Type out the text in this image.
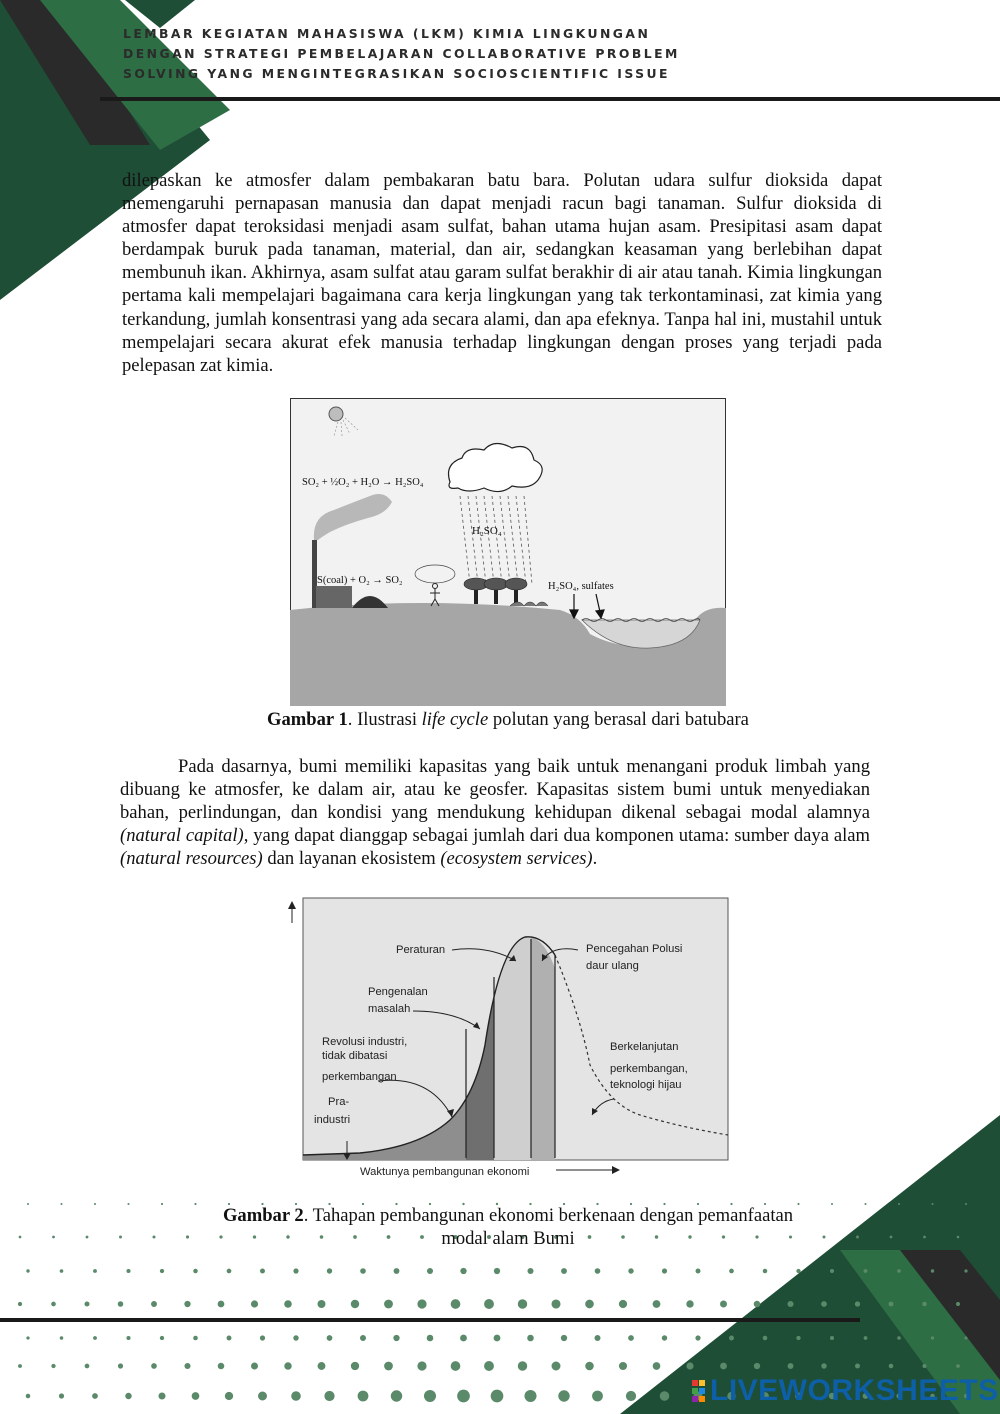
LEMBAR KEGIATAN MAHASISWA (LKM) KIMIA LINGKUNGAN
DENGAN STRATEGI PEMBELAJARAN COLLABORATIVE PROBLEM
SOLVING YANG MENGINTEGRASIKAN SOCIOSCIENTIFIC ISSUE

dilepaskan ke atmosfer dalam pembakaran batu bara. Polutan udara sulfur dioksida dapat memengaruhi pernapasan manusia dan dapat menjadi racun bagi tanaman. Sulfur dioksida di atmosfer dapat teroksidasi menjadi asam sulfat, bahan utama hujan asam. Presipitasi asam dapat berdampak buruk pada tanaman, material, dan air, sedangkan keasaman yang berlebihan dapat membunuh ikan. Akhirnya, asam sulfat atau garam sulfat berakhir di air atau tanah. Kimia lingkungan pertama kali mempelajari bagaimana cara kerja lingkungan yang tak terkontaminasi, zat kimia yang terkandung, jumlah konsentrasi yang ada secara alami, dan apa efeknya. Tanpa hal ini, mustahil untuk mempelajari secara akurat efek manusia terhadap lingkungan dengan proses yang terjadi pada pelepasan zat kimia.

SO₂ + ½O₂ + H₂O → H₂SO₄
H₂SO₄
S(coal) + O₂ → SO₂
H₂SO₄, sulfates
Gambar 1. Ilustrasi life cycle polutan yang berasal dari batubara

Pada dasarnya, bumi memiliki kapasitas yang baik untuk menangani produk limbah yang dibuang ke atmosfer, ke dalam air, atau ke geosfer. Kapasitas sistem bumi untuk menyediakan bahan, perlindungan, dan kondisi yang mendukung kehidupan dikenal sebagai modal alamnya (natural capital), yang dapat dianggap sebagai jumlah dari dua komponen utama: sumber daya alam (natural resources) dan layanan ekosistem (ecosystem services).

Peraturan	Pencegahan Polusi
daur ulang
Pengenalan
masalah
Revolusi industri,
tidak dibatasi
perkembangan
Pra-
industri
Berkelanjutan
perkembangan,
teknologi hijau
Waktunya pembangunan ekonomi
Gambar 2. Tahapan pembangunan ekonomi berkenaan dengan pemanfaatan
modal alam Bumi
LIVEWORKSHEETS
